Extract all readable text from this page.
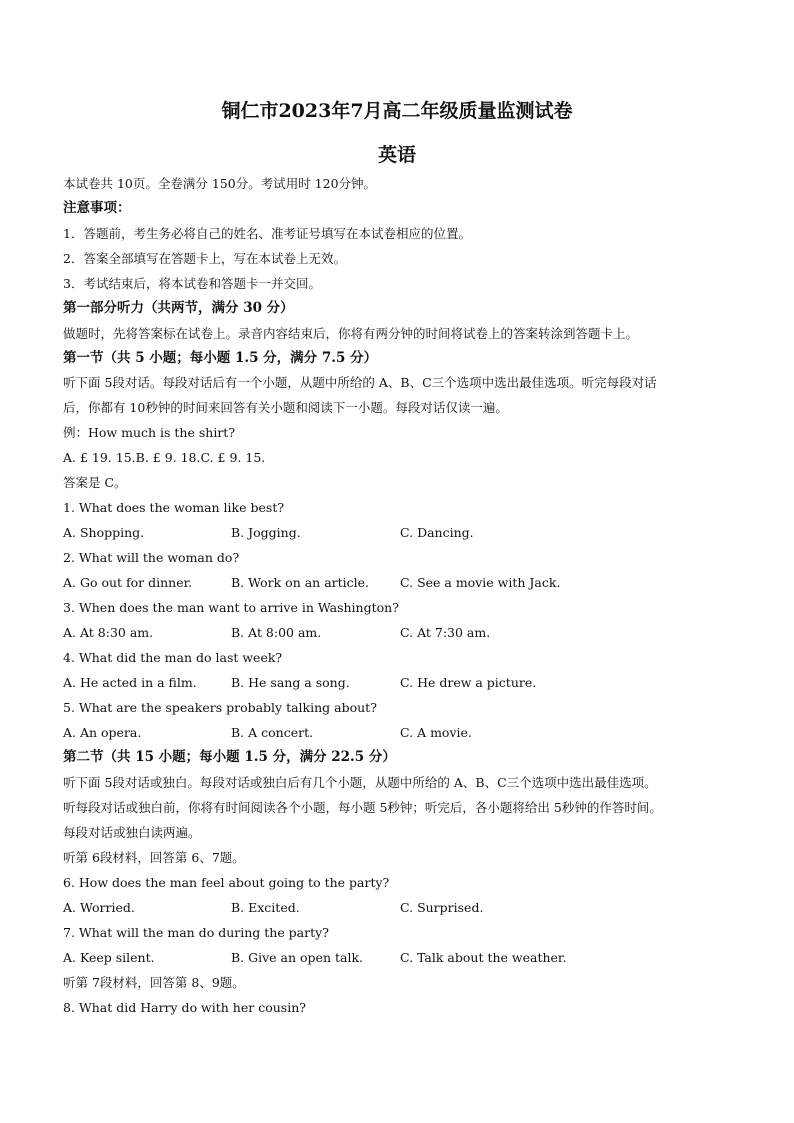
铜仁市2023年7月高二年级质量监测试卷
英语
本试卷共 10页。全卷满分 150分。考试用时 120分钟。
注意事项：
1．答题前，考生务必将自己的姓名、准考证号填写在本试卷相应的位置。
2．答案全部填写在答题卡上，写在本试卷上无效。
3．考试结束后，将本试卷和答题卡一并交回。
第一部分听力（共两节，满分 30 分）
做题时，先将答案标在试卷上。录音内容结束后，你将有两分钟的时间将试卷上的答案转涂到答题卡上。
第一节（共 5 小题；每小题 1.5 分，满分 7.5 分）
听下面 5段对话。每段对话后有一个小题，从题中所给的 A、B、C三个选项中选出最佳选项。听完每段对话
后，你都有 10秒钟的时间来回答有关小题和阅读下一小题。每段对话仅读一遍。
例：How much is the shirt?
A. £ 19. 15.B. £ 9. 18.C. £ 9. 15.
答案是 C。
1. What does the woman like best?
A. Shopping.	B. Jogging.	C. Dancing.
2. What will the woman do?
A. Go out for dinner.	B. Work on an article. C. See a movie with Jack.
3. When does the man want to arrive in Washington?
A. At 8:30 am.	B. At 8:00 am.	C. At 7:30 am.
4. What did the man do last week?
A. He acted in a film.	B. He sang a song.	C. He drew a picture.
5. What are the speakers probably talking about?
A. An opera.	B. A concert.	C. A movie.
第二节（共 15 小题；每小题 1.5 分，满分 22.5 分）
听下面 5段对话或独白。每段对话或独白后有几个小题，从题中所给的 A、B、C三个选项中选出最佳选项。
听每段对话或独白前，你将有时间阅读各个小题，每小题 5秒钟；听完后，各小题将给出 5秒钟的作答时间。
每段对话或独白读两遍。
听第 6段材料，回答第 6、7题。
6. How does the man feel about going to the party?
A. Worried.	B. Excited.	C. Surprised.
7. What will the man do during the party?
A. Keep silent.	B. Give an open talk.	C. Talk about the weather.
听第 7段材料，回答第 8、9题。
8. What did Harry do with her cousin?
